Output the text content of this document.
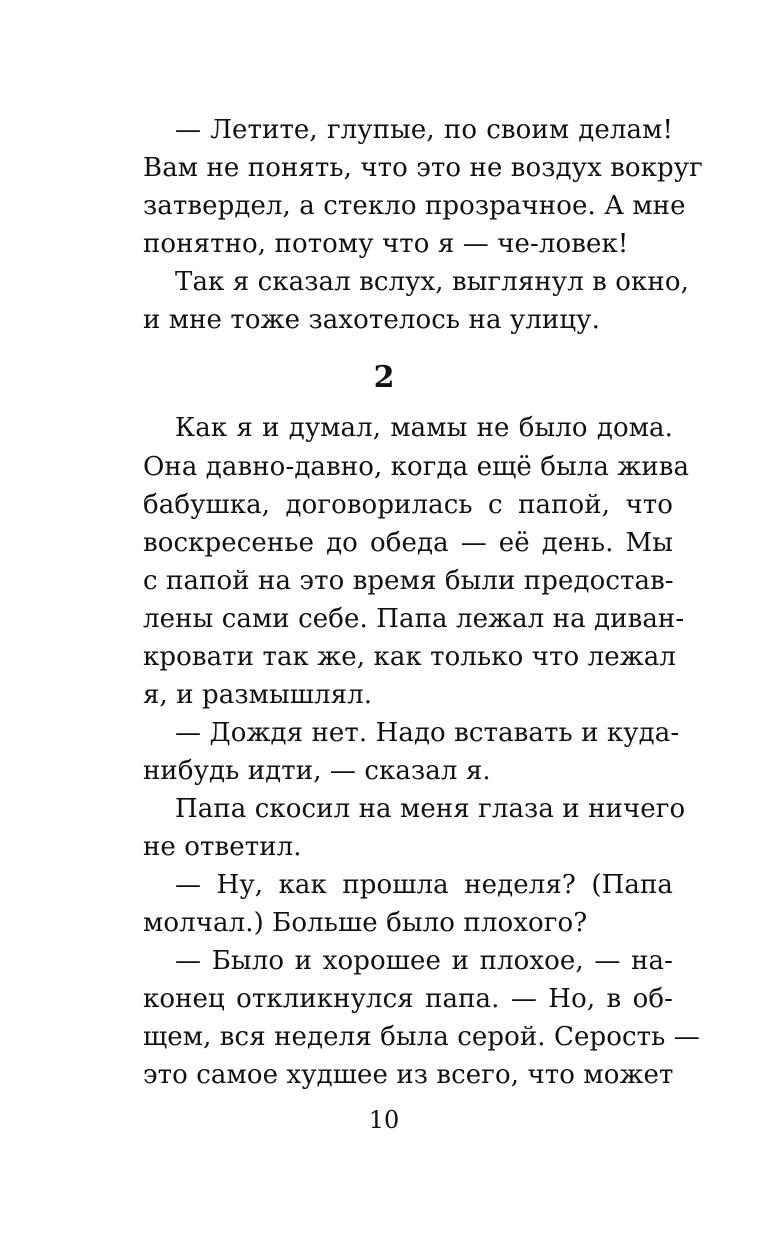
— Летите, глупые, по своим делам!
Вам не понять, что это не воздух вокруг
затвердел, а стекло прозрачное. А мне
понятно, потому что я — че-ловек!
Так я сказал вслух, выглянул в окно,
и мне тоже захотелось на улицу.
2
Как я и думал, мамы не было дома.
Она давно-давно, когда ещё была жива
бабушка, договорилась с папой, что
воскресенье до обеда — её день. Мы
с папой на это время были предостав-
лены сами себе. Папа лежал на диван-
кровати так же, как только что лежал
я, и размышлял.
— Дождя нет. Надо вставать и куда-
нибудь идти, — сказал я.
Папа скосил на меня глаза и ничего
не ответил.
— Ну, как прошла неделя? (Папа
молчал.) Больше было плохого?
— Было и хорошее и плохое, — на-
конец откликнулся папа. — Но, в об-
щем, вся неделя была серой. Серость —
это самое худшее из всего, что может
10
